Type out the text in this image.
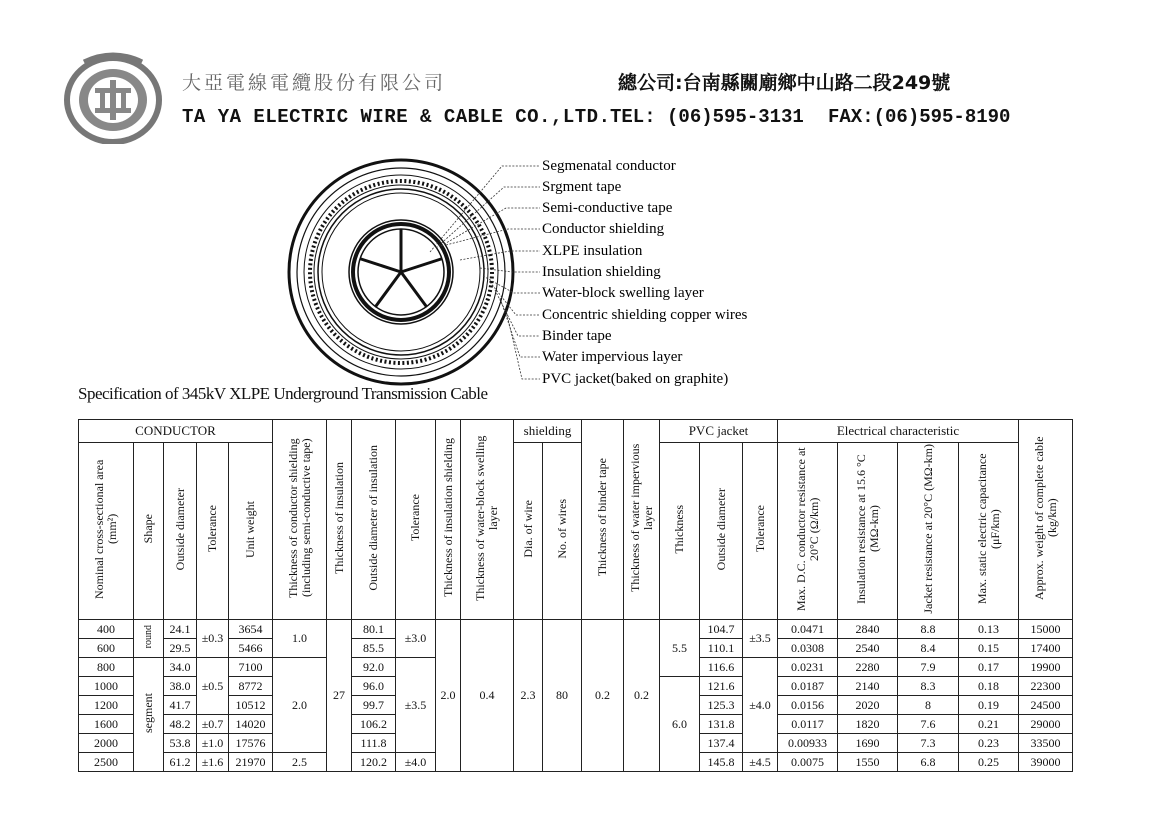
大亞電線電纜股份有限公司
TA YA ELECTRIC WIRE & CABLE CO.,LTD.
總公司:台南縣關廟鄉中山路二段249號
TEL: (06)595-3131 FAX:(06)595-8190
Segmenatal conductor
Srgment tape
Semi-conductive tape
Conductor shielding
XLPE insulation
Insulation shielding
Water-block swelling layer
Concentric shielding copper wires
Binder tape
Water impervious layer
PVC jacket(baked on graphite)
Specification of 345kV XLPE Underground Transmission Cable
CONDUCTOR					Thickness of conductor shielding (including semi-conductive tape)	Thickness of insulation	Outside diameter of insulation	Tolerance	Thickness of insulation shielding	Thickness of water-block swelling layer	shielding		Thickness of binder tape	Thickness of water impervious layer	PVC jacket			Electrical characteristic				Approx. weight of complete cable (kg/km)
Nominal cross-sectional area (mm²)	Shape	Outside diameter	Tolerance	Unit weight							Dia. of wire	No. of wires			Thickness	Outside diameter	Tolerance	Max. D.C. conductor resistance at 20°C (Ω/km)	Insulation resistance at 15.6 °C (MΩ-km)	Jacket resistance at 20°C (MΩ-km)	Max. static electric capacitance (μF/km)	
400	round	24.1	±0.3	3654	1.0	27	80.1	±3.0	2.0	0.4	2.3	80	0.2	0.2	5.5	104.7	±3.5	0.0471	2840	8.8	0.13	15000
600		29.5		5466			85.5									110.1		0.0308	2540	8.4	0.15	17400
800	segment	34.0	±0.5	7100	2.0		92.0	±3.5								116.6	±4.0	0.0231	2280	7.9	0.17	19900
1000		38.0		8772			96.0								6.0	121.6		0.0187	2140	8.3	0.18	22300
1200		41.7		10512			99.7									125.3		0.0156	2020	8	0.19	24500
1600		48.2	±0.7	14020			106.2									131.8		0.0117	1820	7.6	0.21	29000
2000		53.8	±1.0	17576			111.8									137.4		0.00933	1690	7.3	0.23	33500
2500		61.2	±1.6	21970	2.5		120.2	±4.0								145.8	±4.5	0.0075	1550	6.8	0.25	39000
